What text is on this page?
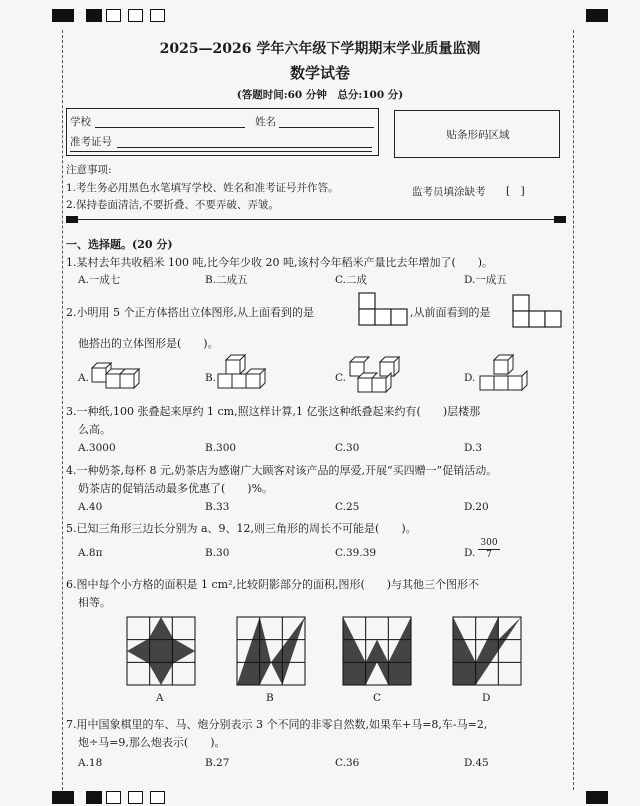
2025—2026 学年六年级下学期期末学业质量监测
数学试卷
(答题时间:60 分钟　总分:100 分)
学校	姓名
准考证号
贴条形码区域
注意事项:
1.考生务必用黑色水笔填写学校、姓名和准考证号并作答。
2.保持卷面清洁,不要折叠、不要弄破、弄皱。
监考员填涂缺考 [　]
一、选择题。(20 分)
1.某村去年共收稻米 100 吨,比今年少收 20 吨,该村今年稻米产量比去年增加了(　　)。
A.一成七	B.二成五	C.二成	D.一成五
2.小明用 5 个正方体搭出立体图形,从上面看到的是	,从前面看到的是
他搭出的立体图形是(　　)。
A.	B.	C.	D.
3.一种纸,100 张叠起来厚约 1 cm,照这样计算,1 亿张这种纸叠起来约有(　　)层楼那
么高。
A.3000	B.300	C.30	D.3
4.一种奶茶,每杯 8 元,奶茶店为感谢广大顾客对该产品的厚爱,开展“买四赠一”促销活动。
奶茶店的促销活动最多优惠了(　　)%。
A.40	B.33	C.25	D.20
5.已知三角形三边长分别为 a、9、12,则三角形的周长不可能是(　　)。
A.8π	B.30	C.39.39	D. $\frac{300}{7}$
6.图中每个小方格的面积是 1 cm²,比较阴影部分的面积,图形(　　)与其他三个图形不
相等。
A	B	C	D
7.用中国象棋里的车、马、炮分别表示 3 个不同的非零自然数,如果车+马=8,车-马=2,
炮÷马=9,那么炮表示(　　)。
A.18	B.27	C.36	D.45
